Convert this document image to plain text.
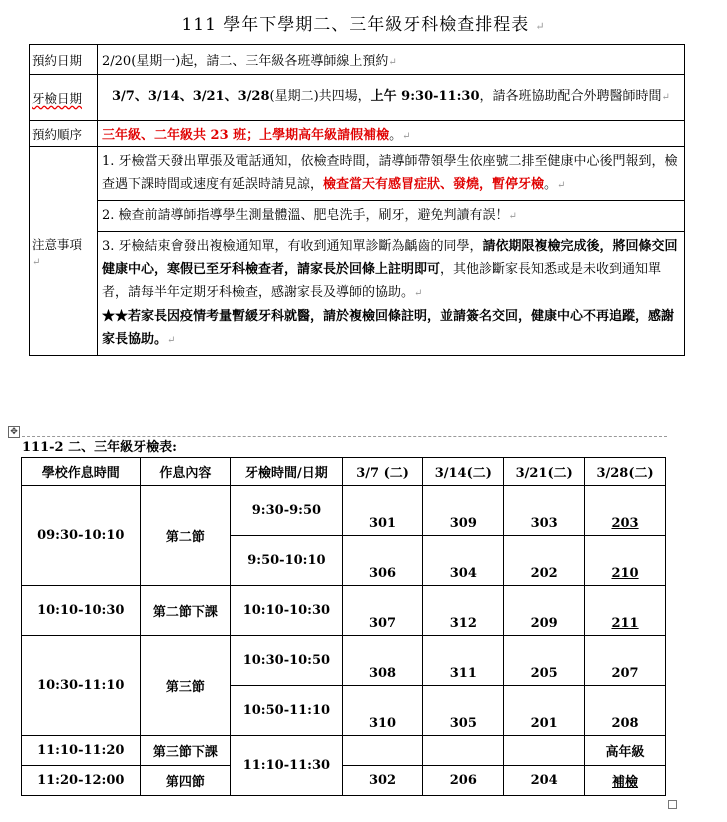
111 學年下學期二、三年級牙科檢查排程表 ↵
預約日期	2/20(星期一)起，請二、三年級各班導師線上預約↵
牙檢日期	3/7、3/14、3/21、3/28(星期二)共四場，上午 9:30-11:30，請各班協助配合外聘醫師時間↵
預約順序	三年級、二年級共 23 班；上學期高年級請假補檢。↵
注意事項
↵	1. 牙檢當天發出單張及電話通知，依檢查時間，請導師帶領學生依座號二排至健康中心後門報到，檢查遇下課時間或速度有延誤時請見諒，檢查當天有感冒症狀、發燒，暫停牙檢。↵
	2. 檢查前請導師指導學生測量體溫、肥皂洗手，刷牙，避免判讀有誤！↵
	3. 牙檢結束會發出複檢通知單，有收到通知單診斷為齲齒的同學，請依期限複檢完成後，將回條交回健康中心，寒假已至牙科檢查者，請家長於回條上註明即可，其他診斷家長知悉或是未收到通知單者，請每半年定期牙科檢查，感謝家長及導師的協助。↵
★★若家長因疫情考量暫緩牙科就醫，請於複檢回條註明，並請簽名交回，健康中心不再追蹤，感謝家長協助。↵
✥
111-2 二、三年級牙檢表:
學校作息時間	作息內容	牙檢時間/日期	3/7 (二)	3/14(二)	3/21(二)	3/28(二)
09:30-10:10	第二節	9:30-9:50	301	309	303	203
		9:50-10:10	306	304	202	210
10:10-10:30	第二節下課	10:10-10:30	307	312	209	211
10:30-11:10	第三節	10:30-10:50	308	311	205	207
		10:50-11:10	310	305	201	208
11:10-11:20	第三節下課	11:10-11:30				高年級
11:20-12:00	第四節		302	206	204	補檢
